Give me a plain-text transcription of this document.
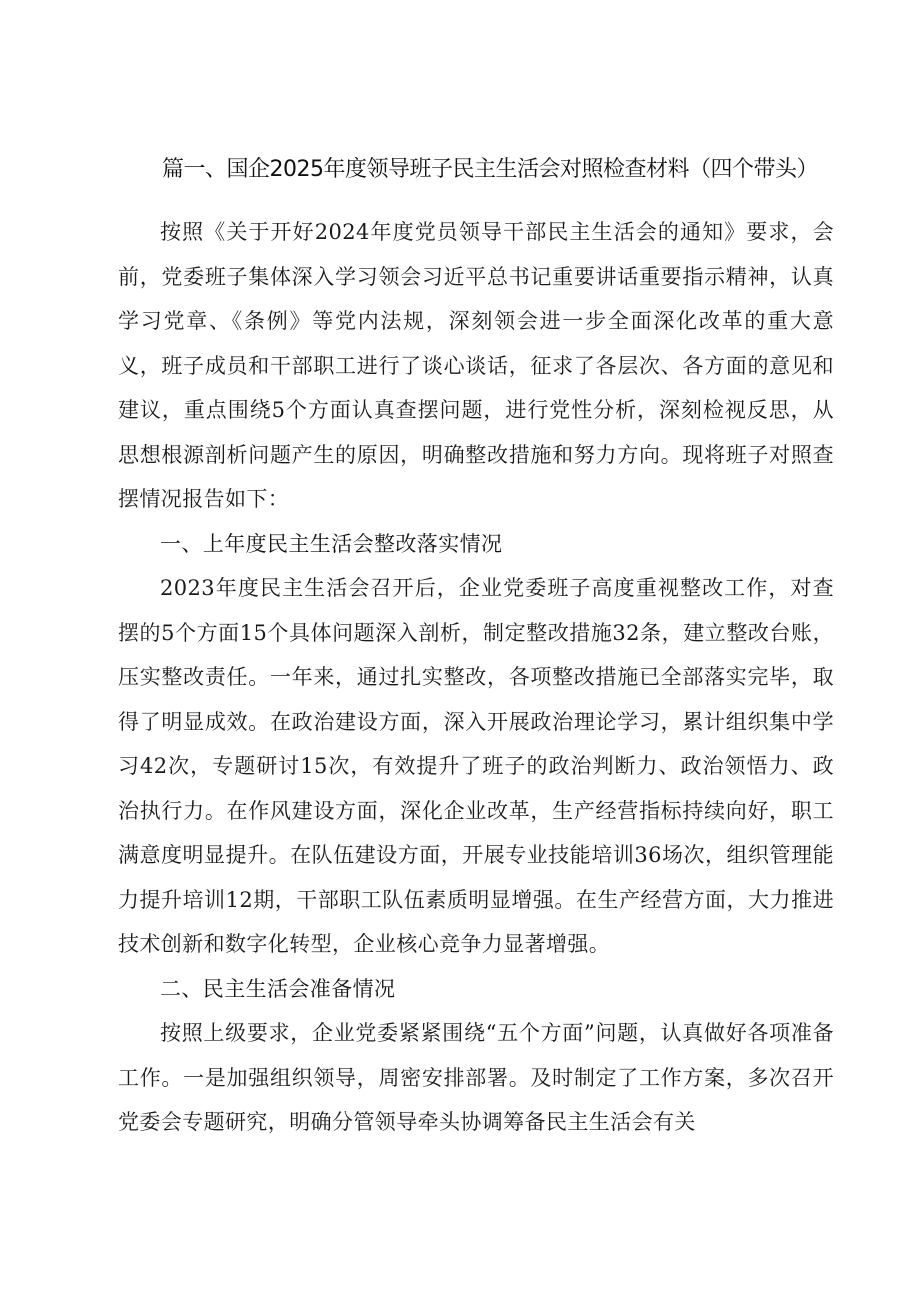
篇一、国企2025年度领导班子民主生活会对照检查材料（四个带头）

按照《关于开好2024年度党员领导干部民主生活会的通知》要求，会前，党委班子集体深入学习领会习近平总书记重要讲话重要指示精神，认真学习党章、《条例》等党内法规，深刻领会进一步全面深化改革的重大意义，班子成员和干部职工进行了谈心谈话，征求了各层次、各方面的意见和建议，重点围绕5个方面认真查摆问题，进行党性分析，深刻检视反思，从思想根源剖析问题产生的原因，明确整改措施和努力方向。现将班子对照查摆情况报告如下：

一、上年度民主生活会整改落实情况

2023年度民主生活会召开后，企业党委班子高度重视整改工作，对查摆的5个方面15个具体问题深入剖析，制定整改措施32条，建立整改台账，压实整改责任。一年来，通过扎实整改，各项整改措施已全部落实完毕，取得了明显成效。在政治建设方面，深入开展政治理论学习，累计组织集中学习42次，专题研讨15次，有效提升了班子的政治判断力、政治领悟力、政治执行力。在作风建设方面，深化企业改革，生产经营指标持续向好，职工满意度明显提升。在队伍建设方面，开展专业技能培训36场次，组织管理能力提升培训12期，干部职工队伍素质明显增强。在生产经营方面，大力推进技术创新和数字化转型，企业核心竞争力显著增强。

二、民主生活会准备情况

按照上级要求，企业党委紧紧围绕“五个方面”问题，认真做好各项准备工作。一是加强组织领导，周密安排部署。及时制定了工作方案，多次召开党委会专题研究，明确分管领导牵头协调筹备民主生活会有关
